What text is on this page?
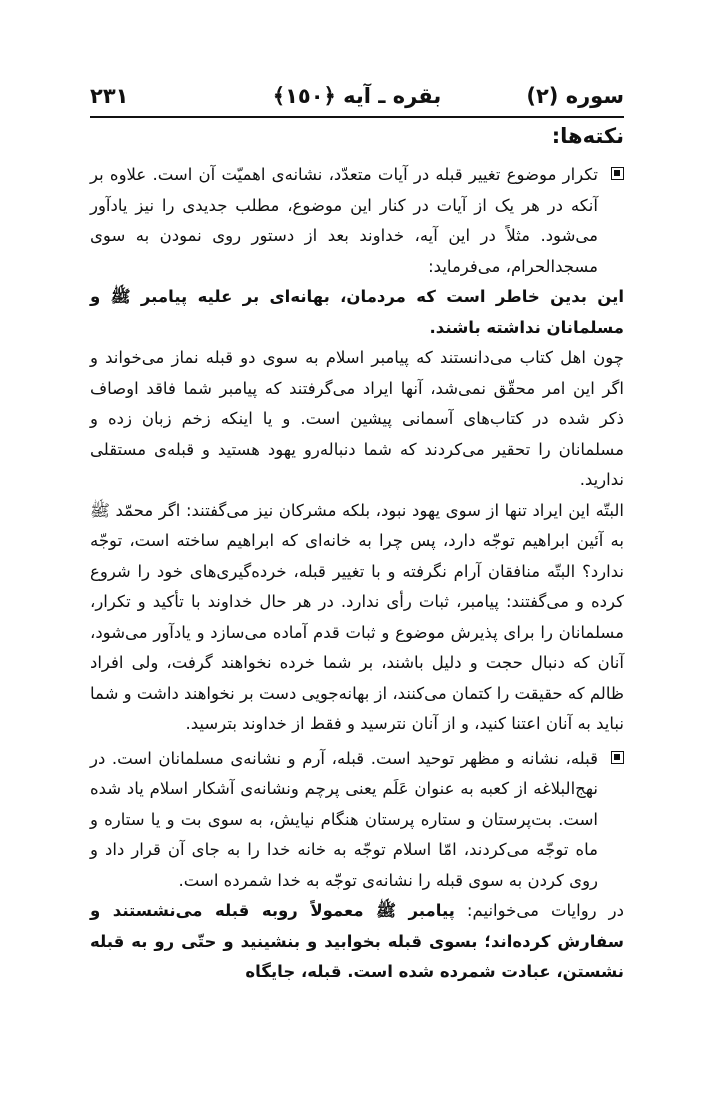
سوره (٢)
بقره ـ آیه ﴿١٥٠﴾
٢٣١
نکته‌ها:

تکرار موضوع تغییر قبله در آیات متعدّد، نشانه‌ی اهمیّت آن است. علاوه بر آنکه در هر یک از آیات در کنار این موضوع، مطلب جدیدی را نیز یادآور می‌شود. مثلاً در این آیه، خداوند بعد از دستور روی نمودن به سوی مسجدالحرام، می‌فرماید:

این بدین خاطر است که مردمان، بهانه‌ای بر علیه پیامبر ﷺ و مسلمانان نداشته باشند.

چون اهل کتاب می‌دانستند که پیامبر اسلام به سوی دو قبله نماز می‌خواند و اگر این امر محقّق نمی‌شد، آنها ایراد می‌گرفتند که پیامبر شما فاقد اوصاف ذکر شده در کتاب‌های آسمانی پیشین است. و یا اینکه زخم زبان زده و مسلمانان را تحقیر می‌کردند که شما دنباله‌رو یهود هستید و قبله‌ی مستقلی ندارید.

البتّه این ایراد تنها از سوی یهود نبود، بلکه مشرکان نیز می‌گفتند: اگر محمّد ﷺ به آئین ابراهیم توجّه دارد، پس چرا به خانه‌ای که ابراهیم ساخته است، توجّه ندارد؟ البتّه منافقان آرام نگرفته و با تغییر قبله، خرده‌گیری‌های خود را شروع کرده و می‌گفتند: پیامبر، ثبات رأی ندارد. در هر حال خداوند با تأکید و تکرار، مسلمانان را برای پذیرش موضوع و ثبات قدم آماده می‌سازد و یادآور می‌شود، آنان که دنبال حجت و دلیل باشند، بر شما خرده نخواهند گرفت، ولی افراد ظالم که حقیقت را کتمان می‌کنند، از بهانه‌جویی دست بر نخواهند داشت و شما نباید به آنان اعتنا کنید، و از آنان نترسید و فقط از خداوند بترسید.

قبله، نشانه و مظهر توحید است. قبله، آرم و نشانه‌ی مسلمانان است. در نهج‌البلاغه از کعبه به عنوان عَلَم یعنی پرچم ونشانه‌ی آشکار اسلام یاد شده است. بت‌پرستان و ستاره پرستان هنگام نیایش، به سوی بت و یا ستاره و ماه توجّه می‌کردند، امّا اسلام توجّه به خانه خدا را به جای آن قرار داد و روی کردن به سوی قبله را نشانه‌ی توجّه به خدا شمرده است.

در روایات می‌خوانیم: پیامبر ﷺ معمولاً روبه قبله می‌نشستند و سفارش کرده‌اند؛ بسوی قبله بخوابید و بنشینید و حتّی رو به قبله نشستن، عبادت شمرده شده است. قبله، جایگاه
